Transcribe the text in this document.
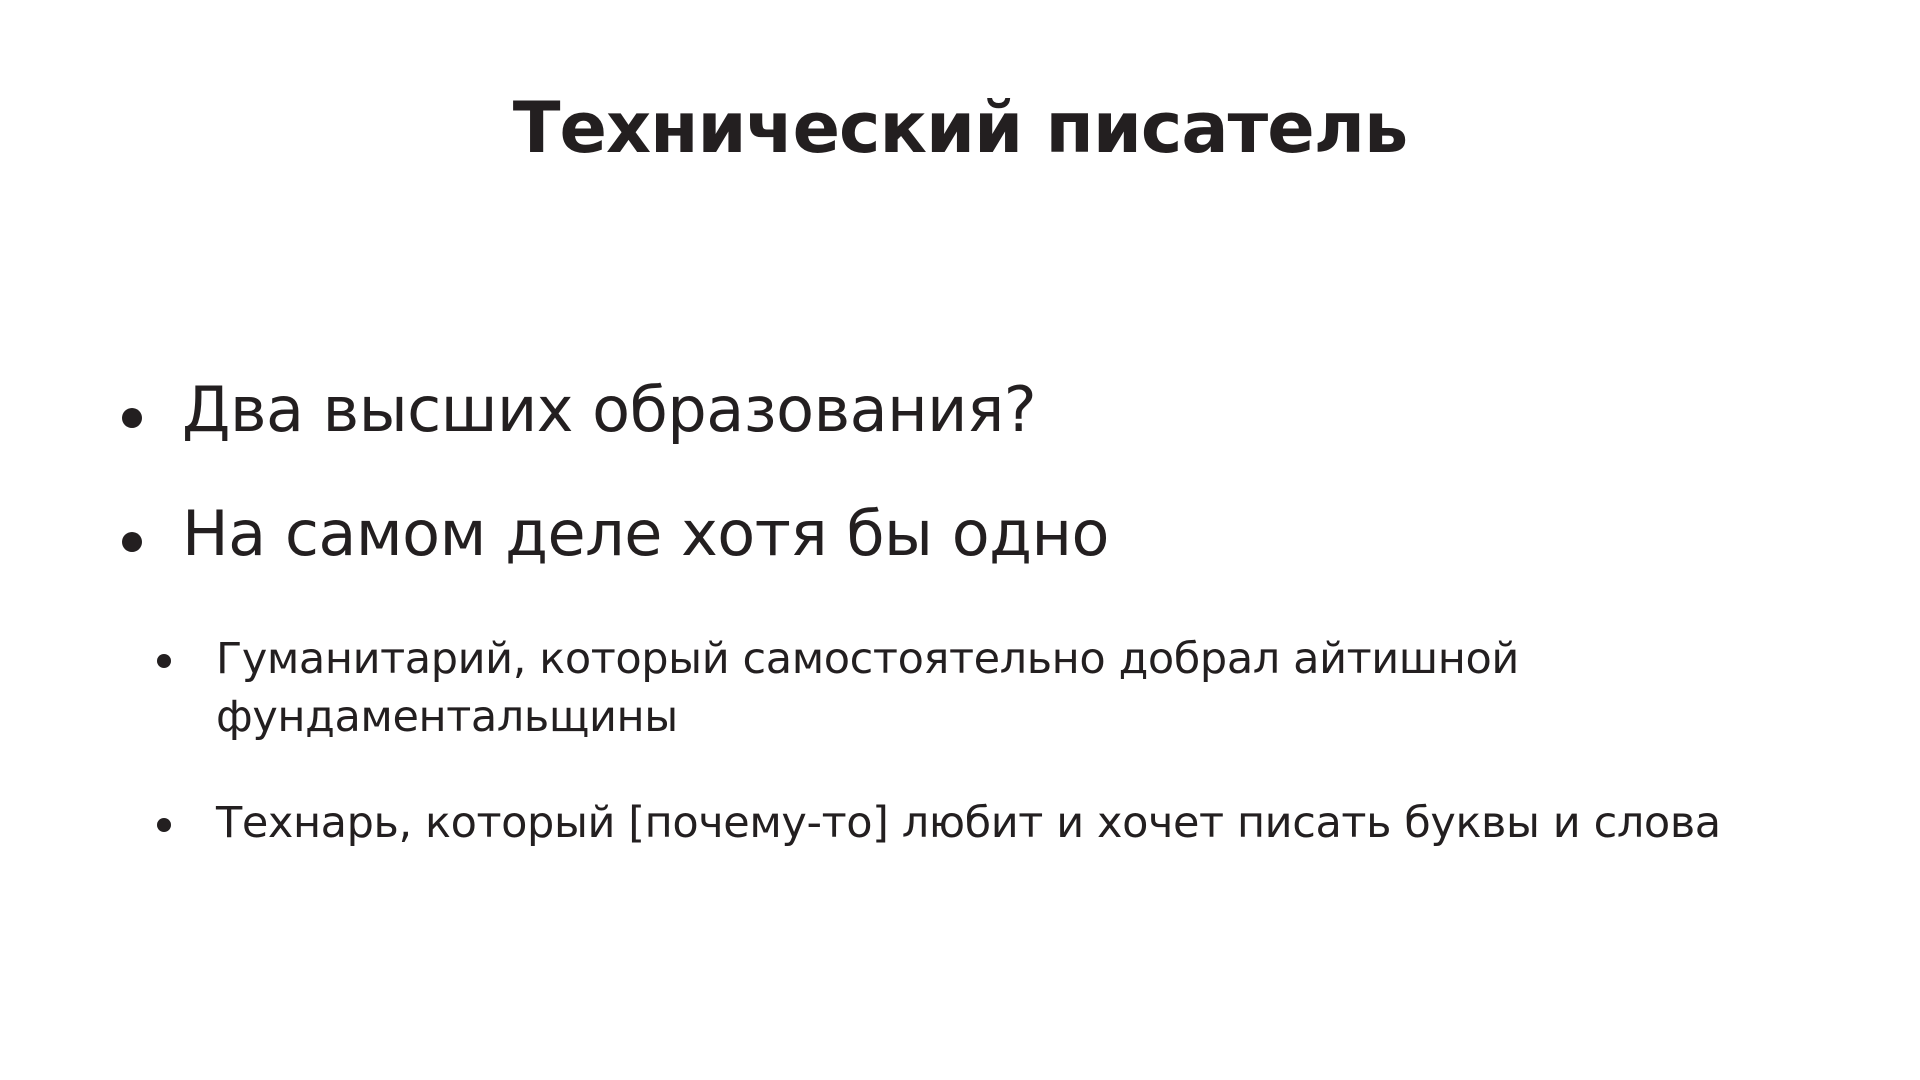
Технический писатель
Два высших образования?
На самом деле хотя бы одно
Гуманитарий, который самостоятельно добрал айтишной
фундаментальщины
Технарь, который [почему-то] любит и хочет писать буквы и слова
